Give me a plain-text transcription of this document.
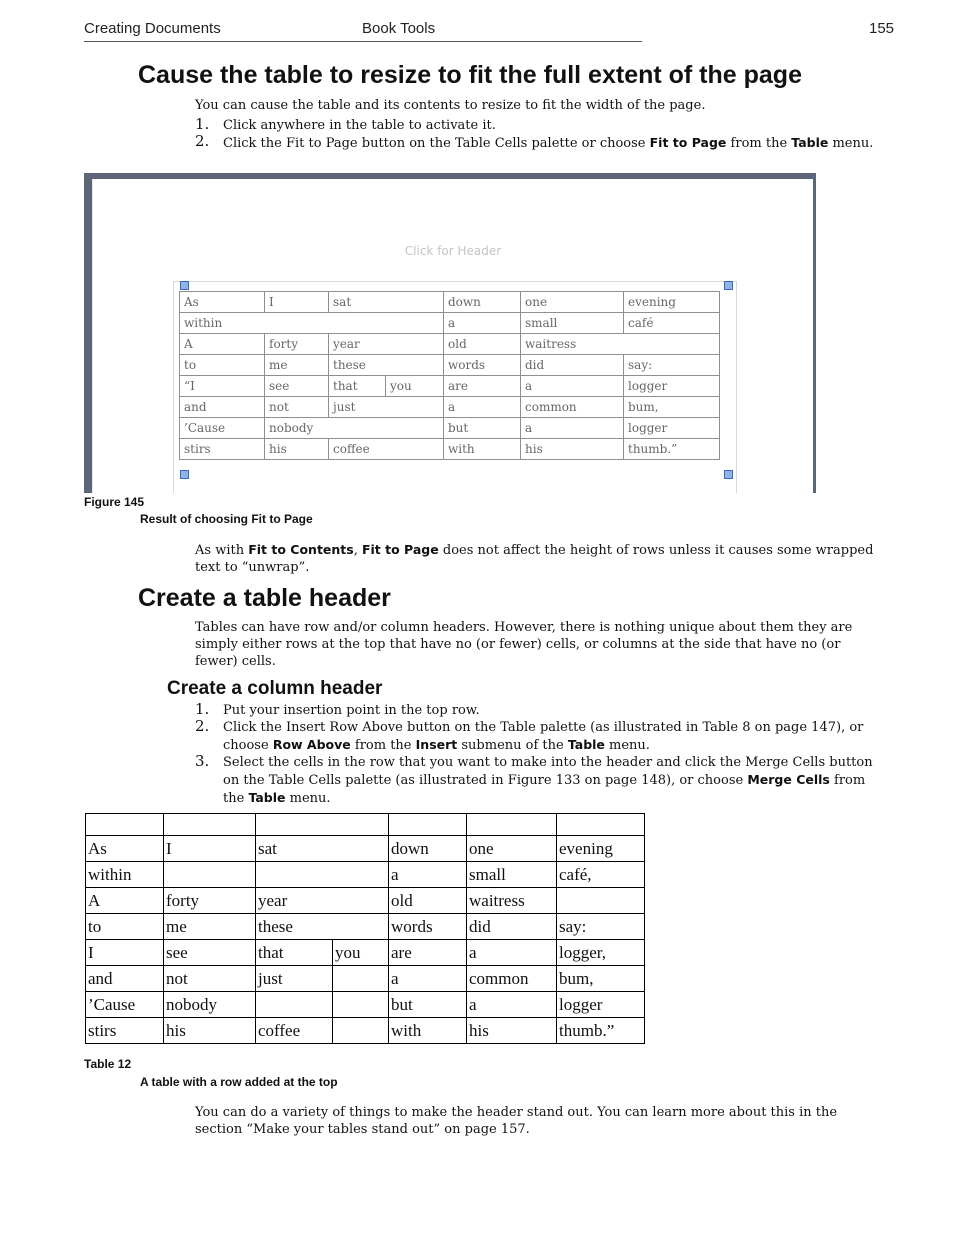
Creating Documents	Book Tools	155
Cause the table to resize to fit the full extent of the page
You can cause the table and its contents to resize to fit the width of the page.
1. Click anywhere in the table to activate it.
2. Click the Fit to Page button on the Table Cells palette or choose Fit to Page from the Table menu.
Click for Header
As	I	sat		down	one	evening
within				a	small	café
A	forty	year		old	waitress	
to	me	these		words	did	say:
“I	see	that	you	are	a	logger
and	not	just		a	common	bum,
’Cause	nobody			but	a	logger
stirs	his	coffee		with	his	thumb.”
Figure 145
Result of choosing Fit to Page
As with Fit to Contents, Fit to Page does not affect the height of rows unless it causes some wrapped text to “unwrap”.
Create a table header
Tables can have row and/or column headers. However, there is nothing unique about them they are simply either rows at the top that have no (or fewer) cells, or columns at the side that have no (or fewer) cells.
Create a column header
1. Put your insertion point in the top row.
2. Click the Insert Row Above button on the Table palette (as illustrated in Table 8 on page 147), or choose Row Above from the Insert submenu of the Table menu.
3. Select the cells in the row that you want to make into the header and click the Merge Cells button on the Table Cells palette (as illustrated in Figure 133 on page 148), or choose Merge Cells from the Table menu.

As	I	sat		down	one	evening
within				a	small	café,
A	forty	year		old	waitress	
to	me	these		words	did	say:
I	see	that	you	are	a	logger,
and	not	just		a	common	bum,
’Cause	nobody			but	a	logger
stirs	his	coffee		with	his	thumb.”
Table 12
A table with a row added at the top
You can do a variety of things to make the header stand out. You can learn more about this in the section “Make your tables stand out” on page 157.
